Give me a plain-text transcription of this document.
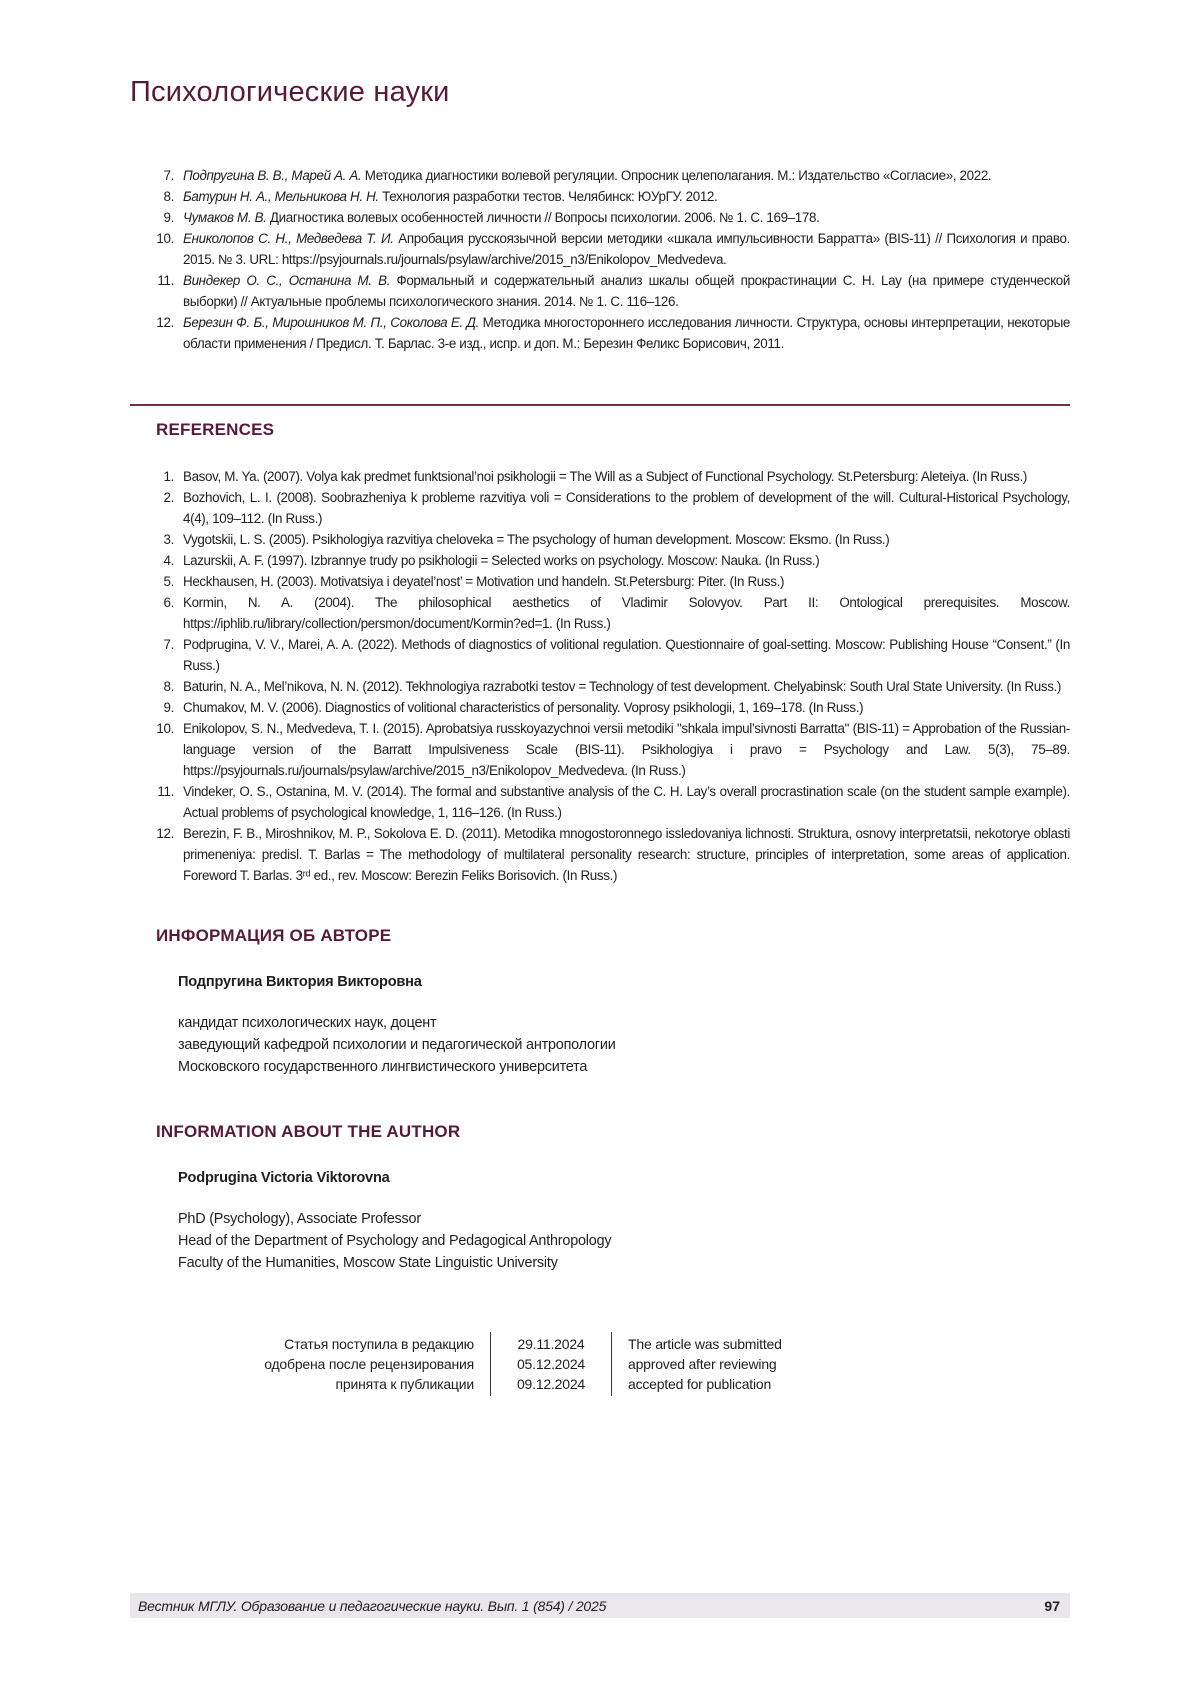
Психологические науки
7. Подпругина В. В., Марей А. А. Методика диагностики волевой регуляции. Опросник целеполагания. М.: Издательство «Согласие», 2022.
8. Батурин Н. А., Мельникова Н. Н. Технология разработки тестов. Челябинск: ЮУрГУ. 2012.
9. Чумаков М. В. Диагностика волевых особенностей личности // Вопросы психологии. 2006. № 1. С. 169–178.
10. Ениколопов С. Н., Медведева Т. И. Апробация русскоязычной версии методики «шкала импульсивности Барратта» (BIS-11) // Психология и право. 2015. № 3. URL: https://psyjournals.ru/journals/psylaw/archive/2015_n3/Enikolopov_Medvedeva.
11. Виндекер О. С., Останина М. В. Формальный и содержательный анализ шкалы общей прокрастинации С. Н. Lay (на примере студенческой выборки) // Актуальные проблемы психологического знания. 2014. № 1. С. 116–126.
12. Березин Ф. Б., Мирошников М. П., Соколова Е. Д. Методика многостороннего исследования личности. Структура, основы интерпретации, некоторые области применения / Предисл. Т. Барлас. 3-е изд., испр. и доп. М.: Березин Феликс Борисович, 2011.
REFERENCES
1. Basov, M. Ya. (2007). Volya kak predmet funktsional’noi psikhologii = The Will as a Subject of Functional Psychology. St.Petersburg: Aleteiya. (In Russ.)
2. Bozhovich, L. I. (2008). Soobrazheniya k probleme razvitiya voli = Considerations to the problem of development of the will. Cultural-Historical Psychology, 4(4), 109–112. (In Russ.)
3. Vygotskii, L. S. (2005). Psikhologiya razvitiya cheloveka = The psychology of human development. Moscow: Eksmo. (In Russ.)
4. Lazurskii, A. F. (1997). Izbrannye trudy po psikhologii = Selected works on psychology. Moscow: Nauka. (In Russ.)
5. Heckhausen, H. (2003). Motivatsiya i deyatel’nost’ = Motivation und handeln. St.Petersburg: Piter. (In Russ.)
6. Kormin, N. A. (2004). The philosophical aesthetics of Vladimir Solovyov. Part II: Ontological prerequisites. Moscow. https://iphlib.ru/library/collection/persmon/document/Kormin?ed=1. (In Russ.)
7. Podprugina, V. V., Marei, A. A. (2022). Methods of diagnostics of volitional regulation. Questionnaire of goal-setting. Moscow: Publishing House “Consent.” (In Russ.)
8. Baturin, N. A., Mel’nikova, N. N. (2012). Tekhnologiya razrabotki testov = Technology of test development. Chelyabinsk: South Ural State University. (In Russ.)
9. Chumakov, M. V. (2006). Diagnostics of volitional characteristics of personality. Voprosy psikhologii, 1, 169–178. (In Russ.)
10. Enikolopov, S. N., Medvedeva, T. I. (2015). Aprobatsiya russkoyazychnoi versii metodiki "shkala impul’sivnosti Barratta" (BIS-11) = Approbation of the Russian-language version of the Barratt Impulsiveness Scale (BIS-11). Psikhologiya i pravo = Psychology and Law. 5(3), 75–89. https://psyjournals.ru/journals/psylaw/archive/2015_n3/Enikolopov_Medvedeva. (In Russ.)
11. Vindeker, O. S., Ostanina, M. V. (2014). The formal and substantive analysis of the C. H. Lay’s overall procrastination scale (on the student sample example). Actual problems of psychological knowledge, 1, 116–126. (In Russ.)
12. Berezin, F. B., Miroshnikov, M. P., Sokolova E. D. (2011). Metodika mnogostoronnego issledovaniya lichnosti. Struktura, osnovy interpretatsii, nekotorye oblasti primeneniya: predisl. T. Barlas = The methodology of multilateral personality research: structure, principles of interpretation, some areas of application. Foreword T. Barlas. 3ʳᵈ ed., rev. Moscow: Berezin Feliks Borisovich. (In Russ.)
ИНФОРМАЦИЯ ОБ АВТОРЕ
Подпругина Виктория Викторовна
кандидат психологических наук, доцент
заведующий кафедрой психологии и педагогической антропологии
Московского государственного лингвистического университета
INFORMATION ABOUT THE AUTHOR
Podprugina Victoria Viktorovna
PhD (Psychology), Associate Professor
Head of the Department of Psychology and Pedagogical Anthropology
Faculty of the Humanities, Moscow State Linguistic University
Статья поступила в редакцию
одобрена после рецензирования
принята к публикации
29.11.2024
05.12.2024
09.12.2024
The article was submitted
approved after reviewing
accepted for publication
Вестник МГЛУ. Образование и педагогические науки. Вып. 1 (854) / 2025	97
